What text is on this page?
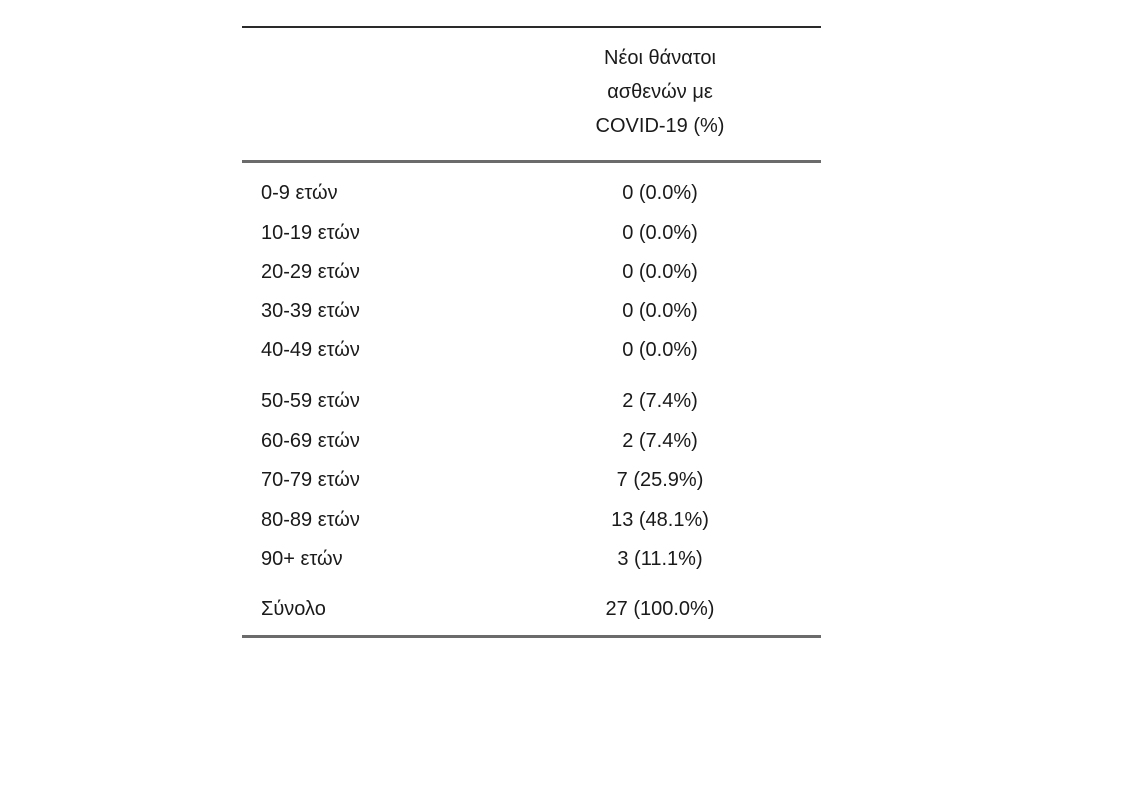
Νέοι θάνατοι
ασθενών με
COVID-19 (%)
0-9 ετών	0 (0.0%)
10-19 ετών	0 (0.0%)
20-29 ετών	0 (0.0%)
30-39 ετών	0 (0.0%)
40-49 ετών	0 (0.0%)
50-59 ετών	2 (7.4%)
60-69 ετών	2 (7.4%)
70-79 ετών	7 (25.9%)
80-89 ετών	13 (48.1%)
90+ ετών	3 (11.1%)
Σύνολο	27 (100.0%)
